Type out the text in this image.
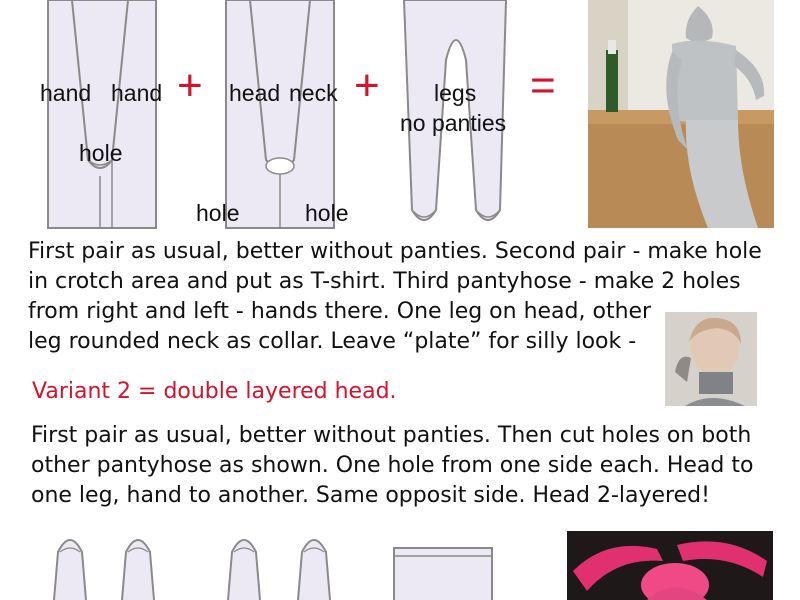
hand hand
hole
+ head neck
hole	hole
+ legs
no panties
=
First pair as usual, better without panties. Second pair - make hole
in crotch area and put as T-shirt. Third pantyhose - make 2 holes
from right and left - hands there. One leg on head, other
leg rounded neck as collar. Leave “plate” for silly look -
Variant 2 = double layered head.
First pair as usual, better without panties. Then cut holes on both
other pantyhose as shown. One hole from one side each. Head to
one leg, hand to another. Same opposit side. Head 2-layered!
